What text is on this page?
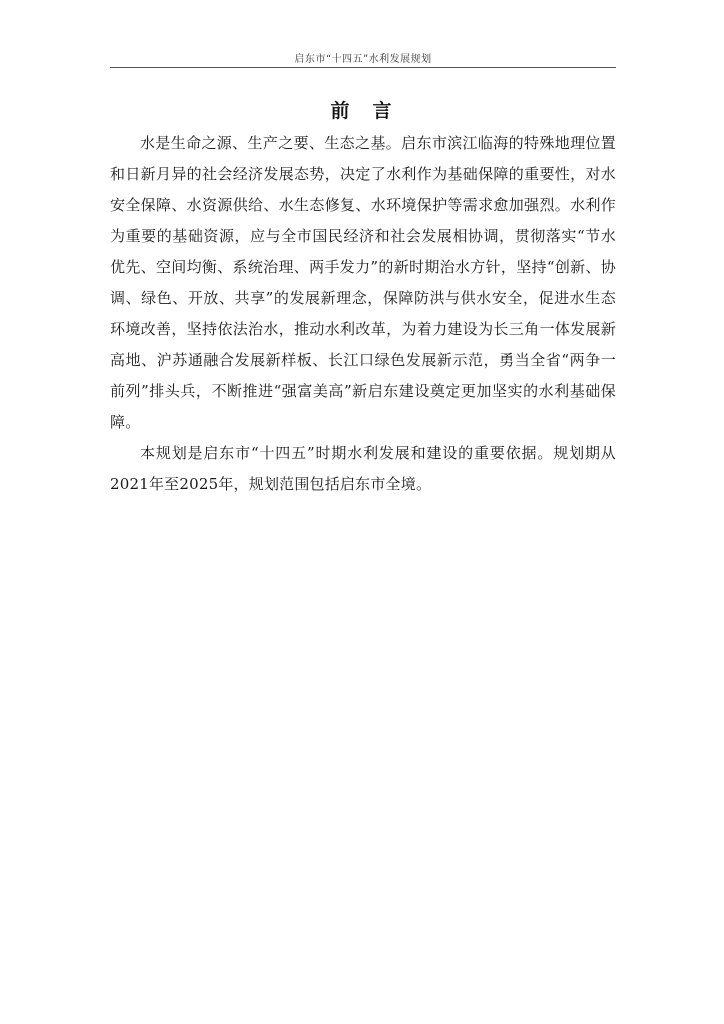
启东市“十四五”水利发展规划
前　言

水是生命之源、生产之要、生态之基。启东市滨江临海的特殊地理位置和日新月异的社会经济发展态势，决定了水利作为基础保障的重要性，对水安全保障、水资源供给、水生态修复、水环境保护等需求愈加强烈。水利作为重要的基础资源，应与全市国民经济和社会发展相协调，贯彻落实“节水优先、空间均衡、系统治理、两手发力”的新时期治水方针，坚持“创新、协调、绿色、开放、共享”的发展新理念，保障防洪与供水安全，促进水生态环境改善，坚持依法治水，推动水利改革，为着力建设为长三角一体发展新高地、沪苏通融合发展新样板、长江口绿色发展新示范，勇当全省“两争一前列”排头兵，不断推进“强富美高”新启东建设奠定更加坚实的水利基础保障。

本规划是启东市“十四五”时期水利发展和建设的重要依据。规划期从2021年至2025年，规划范围包括启东市全境。
